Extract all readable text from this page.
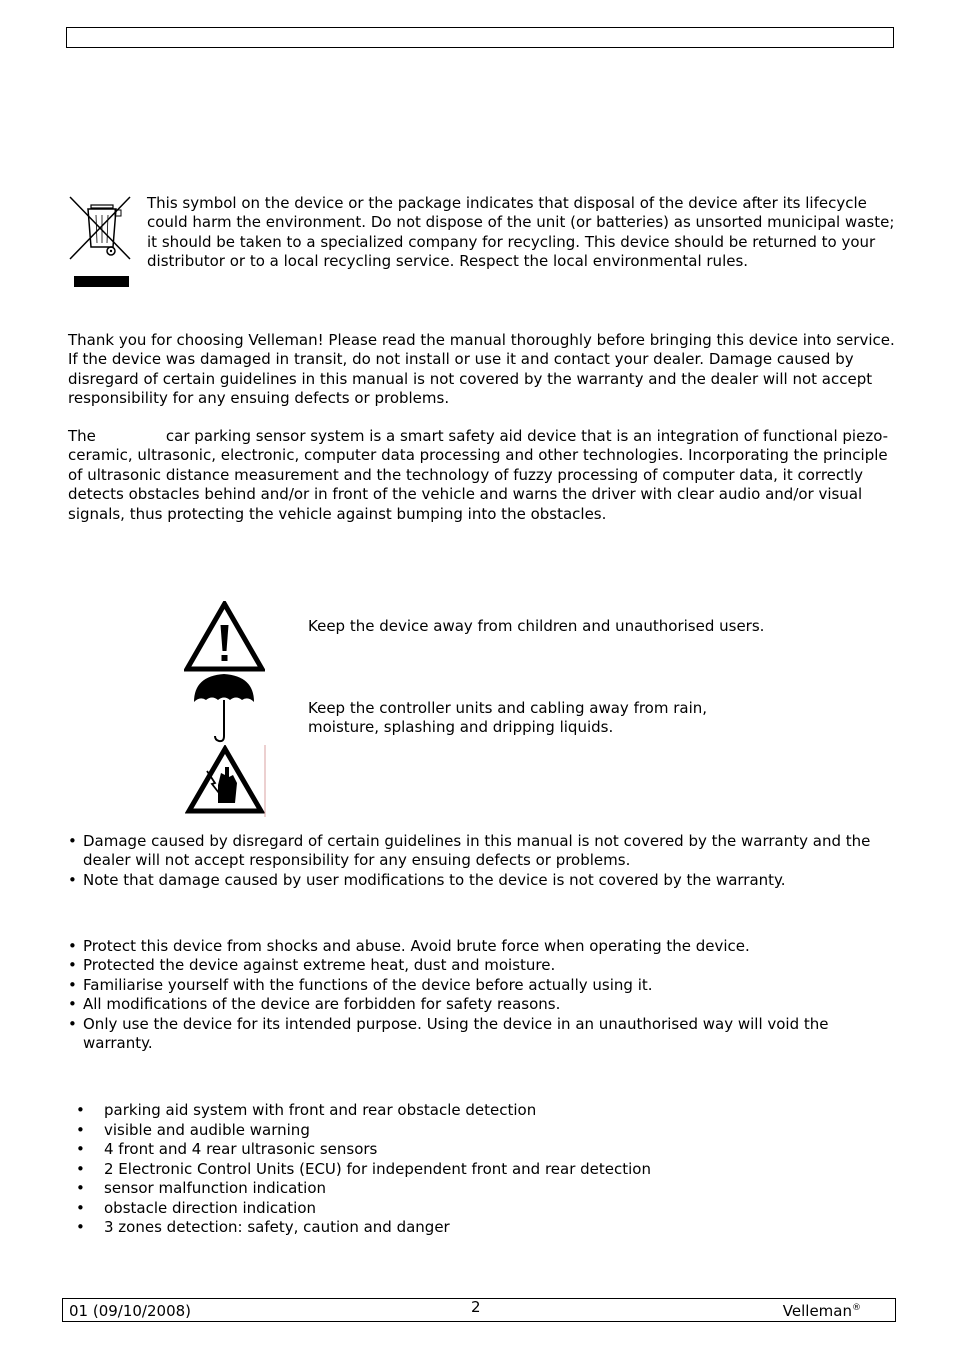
This symbol on the device or the package indicates that disposal of the device after its lifecycle could harm the environment. Do not dispose of the unit (or batteries) as unsorted municipal waste; it should be taken to a specialized company for recycling. This device should be returned to your distributor or to a local recycling service. Respect the local environmental rules.

Thank you for choosing Velleman! Please read the manual thoroughly before bringing this device into service. If the device was damaged in transit, do not install or use it and contact your dealer. Damage caused by disregard of certain guidelines in this manual is not covered by the warranty and the dealer will not accept responsibility for any ensuing defects or problems.

The	car parking sensor system is a smart safety aid device that is an integration of functional piezo-ceramic, ultrasonic, electronic, computer data processing and other technologies. Incorporating the principle of ultrasonic distance measurement and the technology of fuzzy processing of computer data, it correctly detects obstacles behind and/or in front of the vehicle and warns the driver with clear audio and/or visual signals, thus protecting the vehicle against bumping into the obstacles.

Keep the device away from children and unauthorised users.

Keep the controller units and cabling away from rain, moisture, splashing and dripping liquids.

• Damage caused by disregard of certain guidelines in this manual is not covered by the warranty and the dealer will not accept responsibility for any ensuing defects or problems.
• Note that damage caused by user modifications to the device is not covered by the warranty.
• Protect this device from shocks and abuse. Avoid brute force when operating the device.
• Protected the device against extreme heat, dust and moisture.
• Familiarise yourself with the functions of the device before actually using it.
• All modifications of the device are forbidden for safety reasons.
• Only use the device for its intended purpose. Using the device in an unauthorised way will void the warranty.
• parking aid system with front and rear obstacle detection
• visible and audible warning
• 4 front and 4 rear ultrasonic sensors
• 2 Electronic Control Units (ECU) for independent front and rear detection
• sensor malfunction indication
• obstacle direction indication
• 3 zones detection: safety, caution and danger
01 (09/10/2008)	2	Velleman®
